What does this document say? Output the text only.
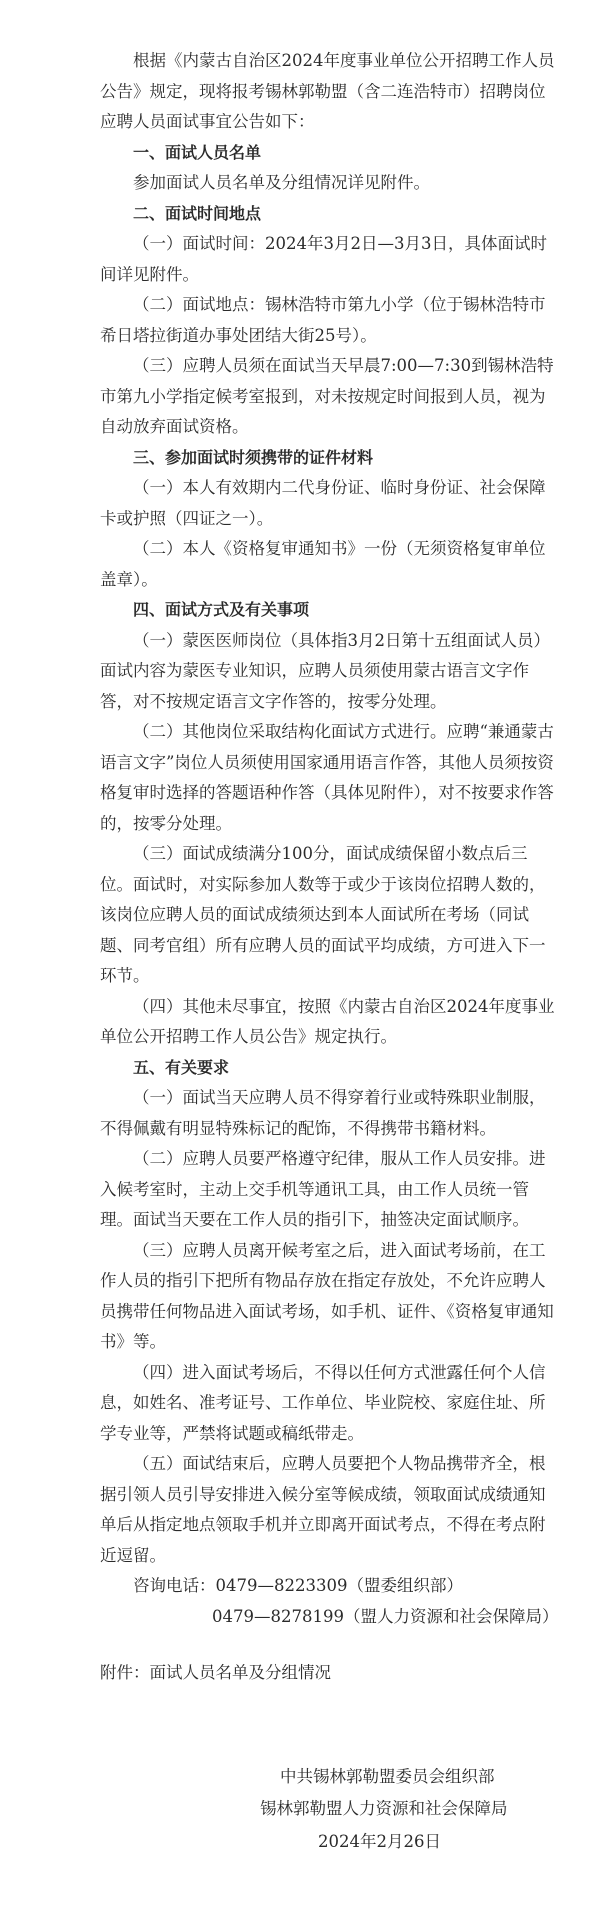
根据《内蒙古自治区2024年度事业单位公开招聘工作人员公告》规定，现将报考锡林郭勒盟（含二连浩特市）招聘岗位应聘人员面试事宜公告如下：

一、面试人员名单

参加面试人员名单及分组情况详见附件。

二、面试时间地点

（一）面试时间：2024年3月2日—3月3日，具体面试时间详见附件。

（二）面试地点：锡林浩特市第九小学（位于锡林浩特市希日塔拉街道办事处团结大街25号）。

（三）应聘人员须在面试当天早晨7:00—7:30到锡林浩特市第九小学指定候考室报到，对未按规定时间报到人员，视为自动放弃面试资格。

三、参加面试时须携带的证件材料

（一）本人有效期内二代身份证、临时身份证、社会保障卡或护照（四证之一）。

（二）本人《资格复审通知书》一份（无须资格复审单位盖章）。

四、面试方式及有关事项

（一）蒙医医师岗位（具体指3月2日第十五组面试人员）面试内容为蒙医专业知识，应聘人员须使用蒙古语言文字作答，对不按规定语言文字作答的，按零分处理。

（二）其他岗位采取结构化面试方式进行。应聘“兼通蒙古语言文字”岗位人员须使用国家通用语言作答，其他人员须按资格复审时选择的答题语种作答（具体见附件），对不按要求作答的，按零分处理。

（三）面试成绩满分100分，面试成绩保留小数点后三位。面试时，对实际参加人数等于或少于该岗位招聘人数的，该岗位应聘人员的面试成绩须达到本人面试所在考场（同试题、同考官组）所有应聘人员的面试平均成绩，方可进入下一环节。

（四）其他未尽事宜，按照《内蒙古自治区2024年度事业单位公开招聘工作人员公告》规定执行。

五、有关要求

（一）面试当天应聘人员不得穿着行业或特殊职业制服，不得佩戴有明显特殊标记的配饰，不得携带书籍材料。

（二）应聘人员要严格遵守纪律，服从工作人员安排。进入候考室时，主动上交手机等通讯工具，由工作人员统一管理。面试当天要在工作人员的指引下，抽签决定面试顺序。

（三）应聘人员离开候考室之后，进入面试考场前，在工作人员的指引下把所有物品存放在指定存放处，不允许应聘人员携带任何物品进入面试考场，如手机、证件、《资格复审通知书》等。

（四）进入面试考场后，不得以任何方式泄露任何个人信息，如姓名、准考证号、工作单位、毕业院校、家庭住址、所学专业等，严禁将试题或稿纸带走。

（五）面试结束后，应聘人员要把个人物品携带齐全，根据引领人员引导安排进入候分室等候成绩，领取面试成绩通知单后从指定地点领取手机并立即离开面试考点，不得在考点附近逗留。

咨询电话：0479—8223309（盟委组织部）

0479—8278199（盟人力资源和社会保障局）

附件：面试人员名单及分组情况

中共锡林郭勒盟委员会组织部

锡林郭勒盟人力资源和社会保障局

2024年2月26日
